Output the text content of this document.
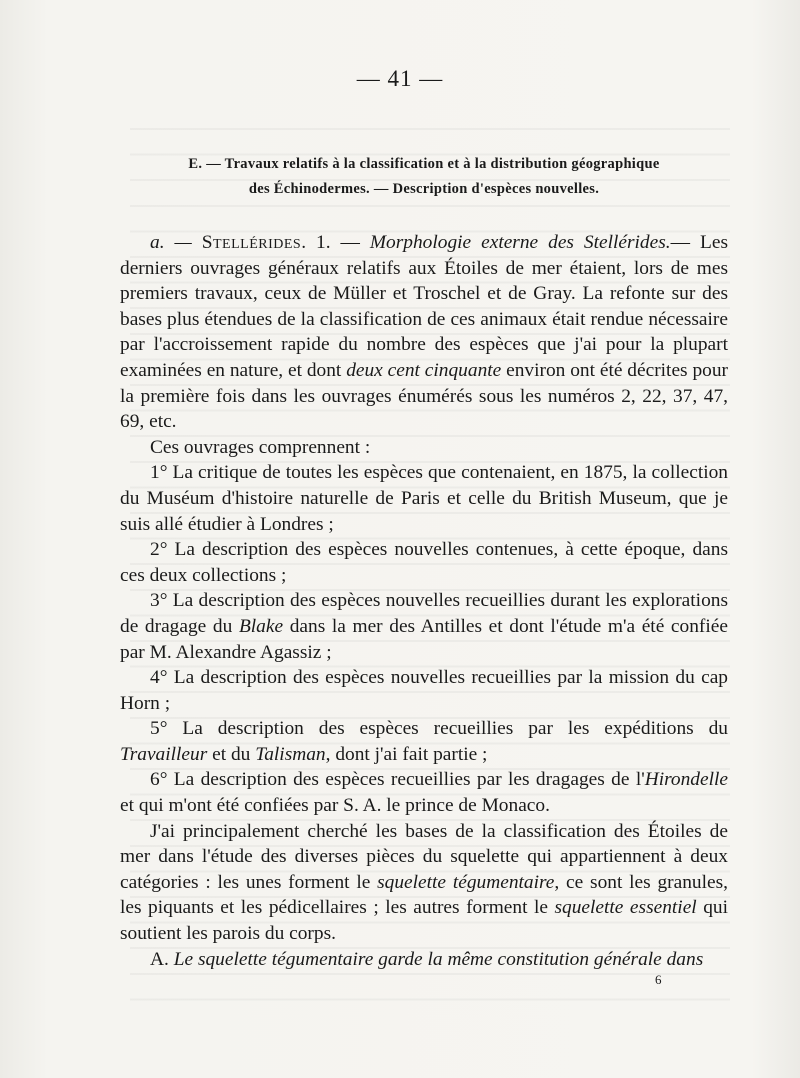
— 41 —
E. — Travaux relatifs à la classification et à la distribution géographique
des Échinodermes. — Description d'espèces nouvelles.

a. — Stellérides. 1. — Morphologie externe des Stellérides.— Les derniers ouvrages généraux relatifs aux Étoiles de mer étaient, lors de mes premiers travaux, ceux de Müller et Troschel et de Gray. La refonte sur des bases plus étendues de la classification de ces animaux était rendue nécessaire par l'accroissement rapide du nombre des espèces que j'ai pour la plupart examinées en nature, et dont deux cent cinquante environ ont été décrites pour la première fois dans les ouvrages énumérés sous les numéros 2, 22, 37, 47, 69, etc.

Ces ouvrages comprennent :

1° La critique de toutes les espèces que contenaient, en 1875, la collection du Muséum d'histoire naturelle de Paris et celle du British Museum, que je suis allé étudier à Londres ;

2° La description des espèces nouvelles contenues, à cette époque, dans ces deux collections ;

3° La description des espèces nouvelles recueillies durant les explorations de dragage du Blake dans la mer des Antilles et dont l'étude m'a été confiée par M. Alexandre Agassiz ;

4° La description des espèces nouvelles recueillies par la mission du cap Horn ;

5° La description des espèces recueillies par les expéditions du Travailleur et du Talisman, dont j'ai fait partie ;

6° La description des espèces recueillies par les dragages de l'Hirondelle et qui m'ont été confiées par S. A. le prince de Monaco.

J'ai principalement cherché les bases de la classification des Étoiles de mer dans l'étude des diverses pièces du squelette qui appartiennent à deux catégories : les unes forment le squelette tégumentaire, ce sont les granules, les piquants et les pédicellaires ; les autres forment le squelette essentiel qui soutient les parois du corps.

A. Le squelette tégumentaire garde la même constitution générale dans

6
